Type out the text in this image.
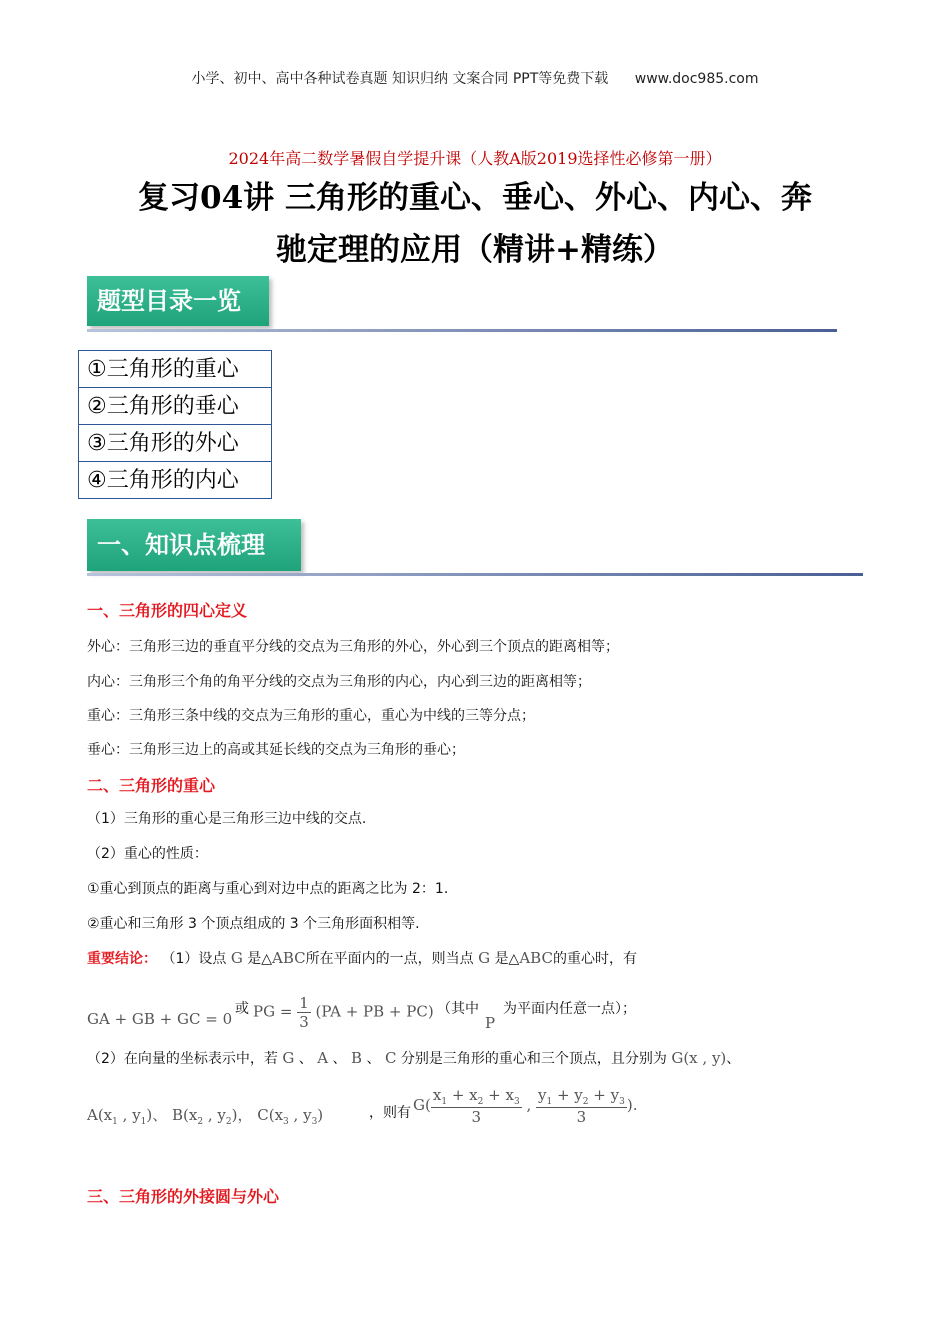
小学、初中、高中各种试卷真题 知识归纳 文案合同 PPT等免费下载 www.doc985.com
2024年高二数学暑假自学提升课（人教A版2019选择性必修第一册）
复习04讲 三角形的重心、垂心、外心、内心、奔
驰定理的应用（精讲+精练）
题型目录一览
①三角形的重心
②三角形的垂心
③三角形的外心
④三角形的内心
一、知识点梳理
一、三角形的四心定义
外心：三角形三边的垂直平分线的交点为三角形的外心，外心到三个顶点的距离相等；
内心：三角形三个角的角平分线的交点为三角形的内心，内心到三边的距离相等；
重心：三角形三条中线的交点为三角形的重心，重心为中线的三等分点；
垂心：三角形三边上的高或其延长线的交点为三角形的垂心；
二、三角形的重心
（1）三角形的重心是三角形三边中线的交点.
（2）重心的性质：
①重心到顶点的距离与重心到对边中点的距离之比为 2：1.
②重心和三角形 3 个顶点组成的 3 个三角形面积相等.
重要结论： （1）设点 G 是△ABC所在平面内的一点，则当点 G 是△ABC的重心时，有
GA + GB + GC = 0
或 PG = $\frac{1}{3} (PA$ + PB + PC) （其中
P
为平面内任意一点）；
（2）在向量的坐标表示中，若 G 、 A 、 B 、 C 分别是三角形的重心和三个顶点，且分别为 G(x , y)、
$A(x_1$ , $y_1$)、 $B(x_2$ , $y_2$)， $C(x_3$ , $y_3$)	，则有 $G( \frac{x_1 + x_2 + x_3}{3}$ , $\frac{y_1 + y_2 + y_3}{3}$ ).
三、三角形的外接圆与外心
